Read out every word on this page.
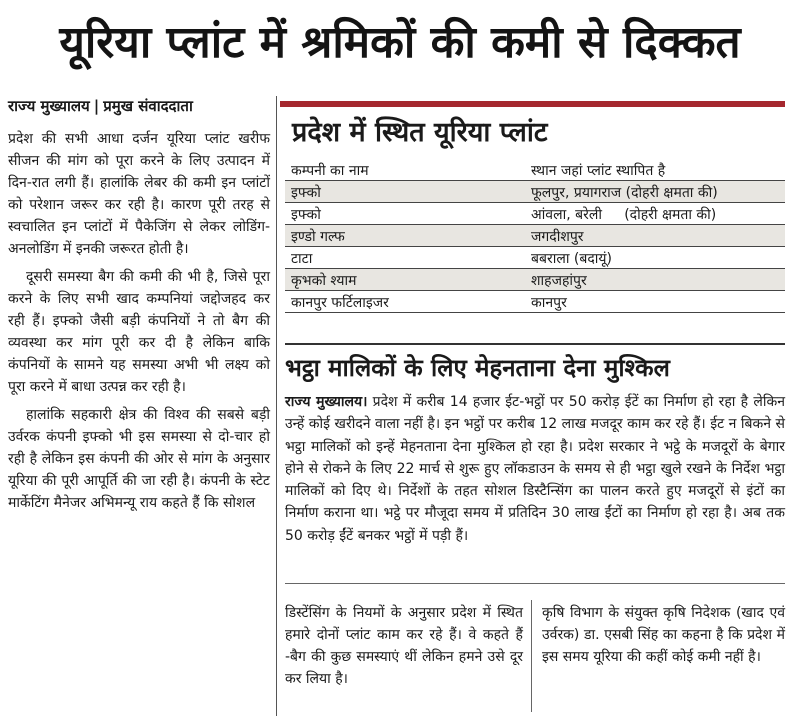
यूरिया प्लांट में श्रमिकों की कमी से दिक्कत
राज्य मुख्यालय | प्रमुख संवाददाता

प्रदेश की सभी आधा दर्जन यूरिया प्लांट खरीफ सीजन की मांग को पूरा करने के लिए उत्पादन में दिन-रात लगी हैं। हालांकि लेबर की कमी इन प्लांटों को परेशान जरूर कर रही है। कारण पूरी तरह से स्वचालित इन प्लांटों में पैकेजिंग से लेकर लोडिंग-अनलोडिंग में इनकी जरूरत होती है।

दूसरी समस्या बैग की कमी की भी है, जिसे पूरा करने के लिए सभी खाद कम्पनियां जद्दोजहद कर रही हैं। इफ्को जैसी बड़ी कंपनियों ने तो बैग की व्यवस्था कर मांग पूरी कर दी है लेकिन बाकि कंपनियों के सामने यह समस्या अभी भी लक्ष्य को पूरा करने में बाधा उत्पन्न कर रही है।

हालांकि सहकारी क्षेत्र की विश्व की सबसे बड़ी उर्वरक कंपनी इफ्को भी इस समस्या से दो-चार हो रही है लेकिन इस कंपनी की ओर से मांग के अनुसार यूरिया की पूरी आपूर्ति की जा रही है। कंपनी के स्टेट मार्केटिंग मैनेजर अभिमन्यू राय कहते हैं कि सोशल

प्रदेश में स्थित यूरिया प्लांट
कम्पनी का नाम	स्थान जहां प्लांट स्थापित है
इफ्को	फूलपुर, प्रयागराज (दोहरी क्षमता की)
इफ्को	आंवला, बरेली     (दोहरी क्षमता की)
इण्डो गल्फ	जगदीशपुर
टाटा	बबराला (बदायूं)
कृभको श्याम	शाहजहांपुर
कानपुर फर्टिलाइजर	कानपुर
भट्ठा मालिकों के लिए मेहनताना देना मुश्किल
राज्य मुख्यालय। प्रदेश में करीब 14 हजार ईट-भट्ठों पर 50 करोड़ ईटें का निर्माण हो रहा है लेकिन उन्हें कोई खरीदने वाला नहीं है। इन भट्ठों पर करीब 12 लाख मजदूर काम कर रहे हैं। ईट न बिकने से भट्ठा मालिकों को इन्हें मेहनताना देना मुश्किल हो रहा है। प्रदेश सरकार ने भट्ठे के मजदूरों के बेगार होने से रोकने के लिए 22 मार्च से शुरू हुए लॉकडाउन के समय से ही भट्ठा खुले रखने के निर्देश भट्ठा मालिकों को दिए थे। निर्देशों के तहत सोशल डिस्टैन्सिंग का पालन करते हुए मजदूरों से इंटों का निर्माण कराना था। भट्ठे पर मौजूदा समय में प्रतिदिन 30 लाख ईंटों का निर्माण हो रहा है। अब तक 50 करोड़ ईंटें बनकर भट्ठों में पड़ी हैं।
डिस्टेंसिंग के नियमों के अनुसार प्रदेश में स्थित हमारे दोनों प्लांट काम कर रहे हैं। वे कहते हैं -बैग की कुछ समस्याएं थीं लेकिन हमने उसे दूर कर लिया है।
कृषि विभाग के संयुक्त कृषि निदेशक (खाद एवं उर्वरक) डा. एसबी सिंह का कहना है कि प्रदेश में इस समय यूरिया की कहीं कोई कमी नहीं है।
